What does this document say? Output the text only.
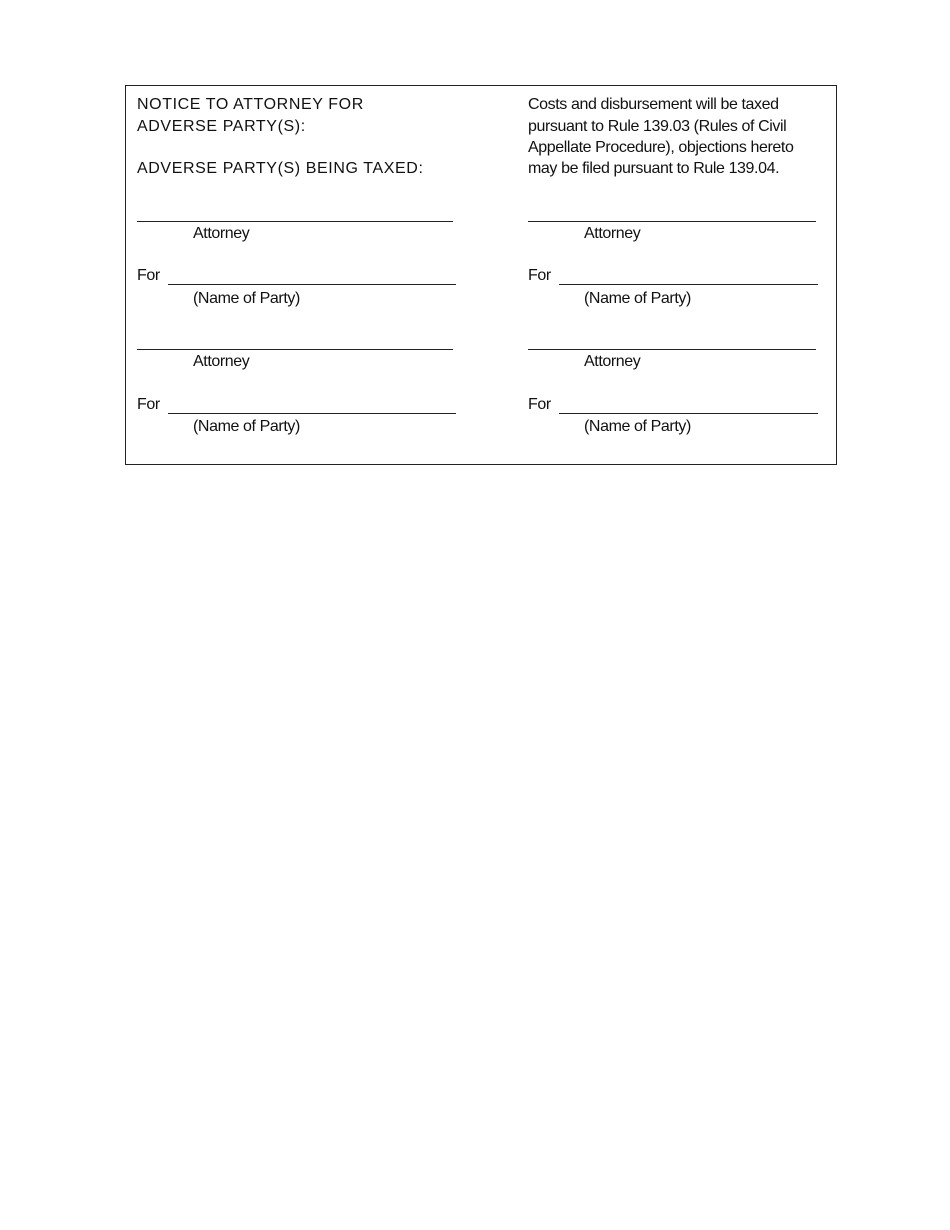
NOTICE TO ATTORNEY FOR
ADVERSE PARTY(S):
ADVERSE PARTY(S) BEING TAXED:
Costs and disbursement will be taxed
pursuant to Rule 139.03 (Rules of Civil
Appellate Procedure), objections hereto
may be filed pursuant to Rule 139.04.
Attorney
For
(Name of Party)
Attorney
For
(Name of Party)
Attorney
For
(Name of Party)
Attorney
For
(Name of Party)
